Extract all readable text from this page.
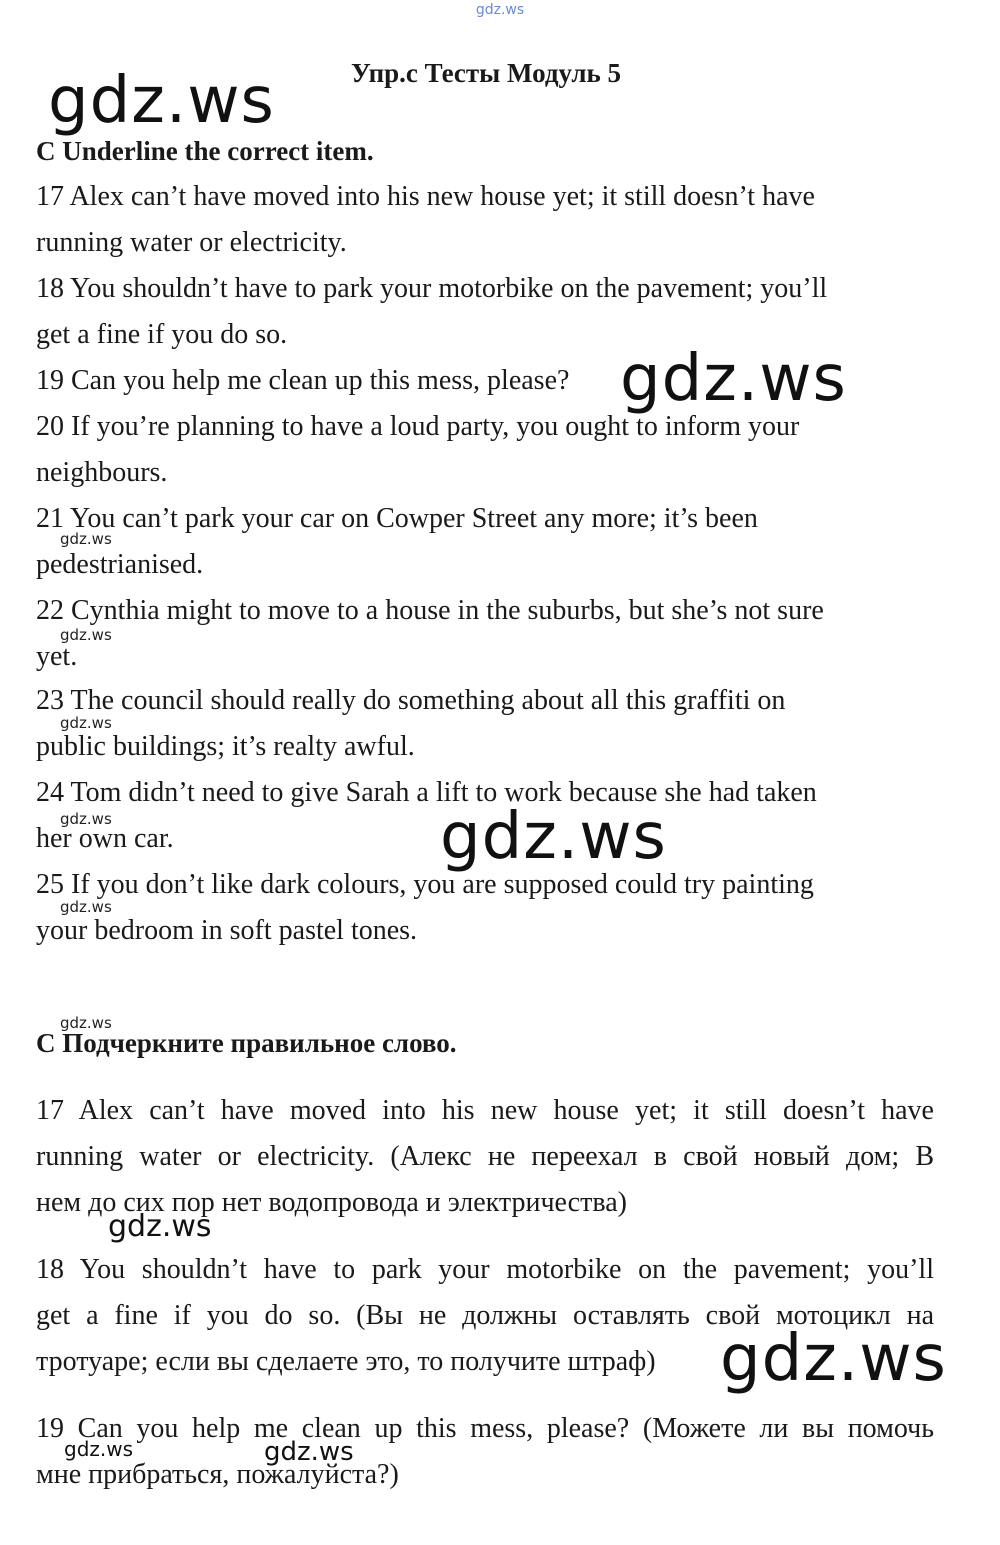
gdz.ws
gdz.ws
gdz.ws
gdz.ws
gdz.ws
gdz.ws
gdz.ws	gdz.ws
gdz.ws
gdz.ws
gdz.ws
gdz.ws
gdz.ws
gdz.ws
Упр.c Тесты Модуль 5
C Underline the correct item.
17 Alex can’t have moved into his new house yet; it still doesn’t have
running water or electricity.
18 You shouldn’t have to park your motorbike on the pavement; you’ll
get a fine if you do so.
19 Can you help me clean up this mess, please?
20 If you’re planning to have a loud party, you ought to inform your
neighbours.
21 You can’t park your car on Cowper Street any more; it’s been
pedestrianised.
22 Cynthia might to move to a house in the suburbs, but she’s not sure
yet.
23 The council should really do something about all this graffiti on
public buildings; it’s realty awful.
24 Tom didn’t need to give Sarah a lift to work because she had taken
her own car.
25 If you don’t like dark colours, you are supposed could try painting
your bedroom in soft pastel tones.
C Подчеркните правильное слово.
17 Alex can’t have moved into his new house yet; it still doesn’t have
running water or electricity. (Алекс не переехал в свой новый дом; В
нем до сих пор нет водопровода и электричества)
18 You shouldn’t have to park your motorbike on the pavement; you’ll
get a fine if you do so. (Вы не должны оставлять свой мотоцикл на
тротуаре; если вы сделаете это, то получите штраф)
19 Can you help me clean up this mess, please? (Можете ли вы помочь
мне прибраться, пожалуйста?)
